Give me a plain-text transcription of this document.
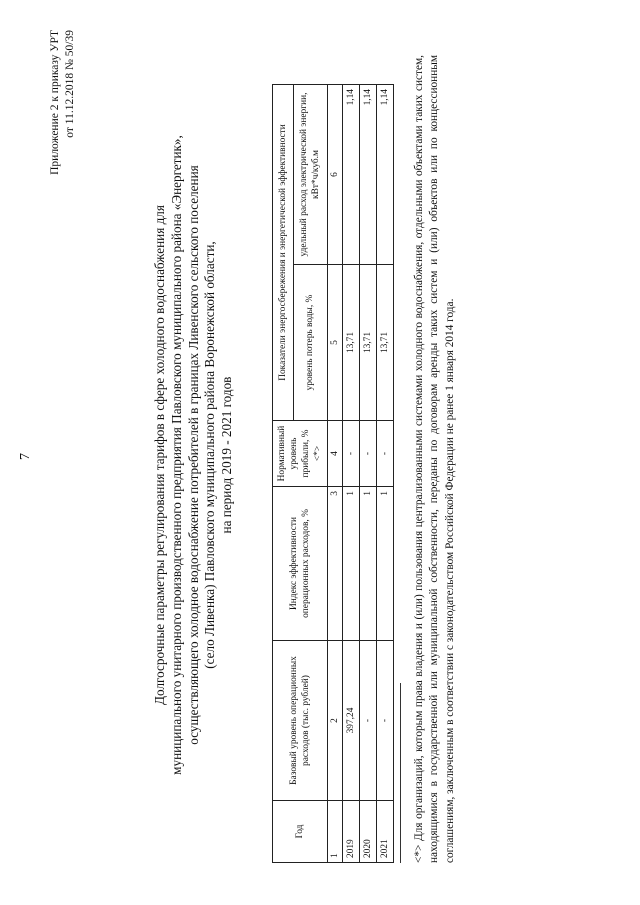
7
Приложение 2 к приказу УРТ от 11.12.2018 № 50/39
Долгосрочные параметры регулирования тарифов в сфере холодного водоснабжения для муниципального унитарного производственного предприятия Павловского муниципального района «Энергетик», осуществляющего холодное водоснабжение потребителей в границах Ливенского сельского поселения (село Ливенка) Павловского муниципального района Воронежской области, на период 2019 - 2021 годов
Год	Базовый уровень операционных расходов (тыс. рублей)	Индекс эффективности операционных расходов, %	Нормативный уровень прибыли, % <*>	Показатели энергосбережения и энергетической эффективности	
				уровень потерь воды, %	удельный расход электрической энергии, кВт*ч/куб.м
1	2	3	4	5	6
2019	397,24	1	-	13,71	1,14
2020	-	1	-	13,71	1,14
2021	-	1	-	13,71	1,14 <*> Для организаций, которым права владения и (или) пользования централизованными системами холодного водоснабжения, отдельными объектами таких систем, находящимися в государственной или муниципальной собственности, переданы по договорам аренды таких систем и (или) объектов или по концессионным соглашениям, заключенным в соответствии с законодательством Российской Федерации не ранее 1 января 2014 года.
